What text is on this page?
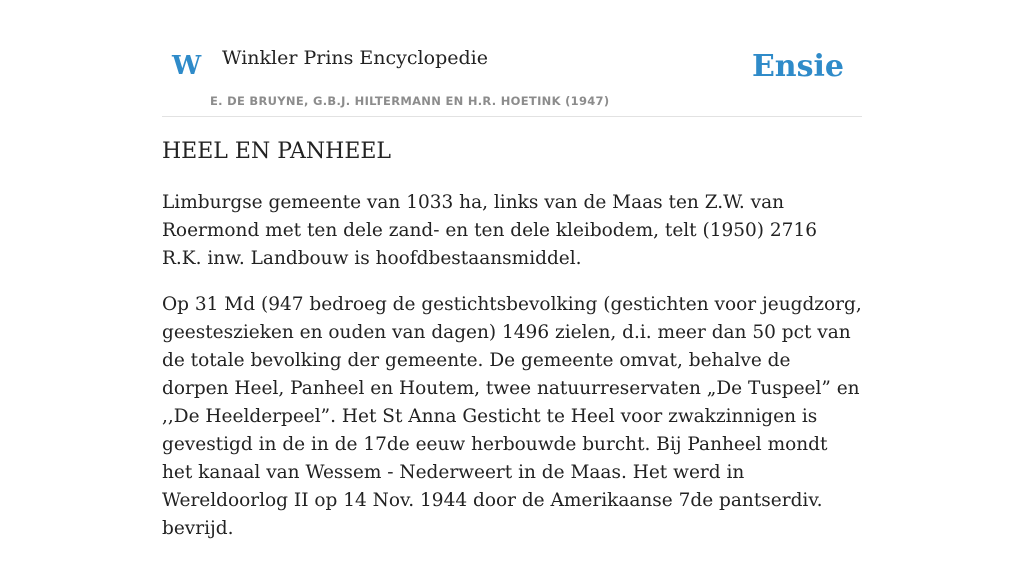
W Winkler Prins Encyclopedie
E. DE BRUYNE, G.B.J. HILTERMANN EN H.R. HOETINK (1947)
Ensie
HEEL EN PANHEEL

Limburgse gemeente van 1033 ha, links van de Maas ten Z.W. van Roermond met ten dele zand- en ten dele kleibodem, telt (1950) 2716 R.K. inw. Landbouw is hoofdbestaansmiddel.

Op 31 Md (947 bedroeg de gestichtsbevolking (gestichten voor jeugdzorg, geesteszieken en ouden van dagen) 1496 zielen, d.i. meer dan 50 pct van de totale bevolking der gemeente. De gemeente omvat, behalve de dorpen Heel, Panheel en Houtem, twee natuurreservaten „De Tuspeel” en ,,De Heelderpeel”. Het St Anna Gesticht te Heel voor zwakzinnigen is gevestigd in de in de 17de eeuw herbouwde burcht. Bij Panheel mondt het kanaal van Wessem - Nederweert in de Maas. Het werd in Wereldoorlog II op 14 Nov. 1944 door de Amerikaanse 7de pantserdiv. bevrijd.
